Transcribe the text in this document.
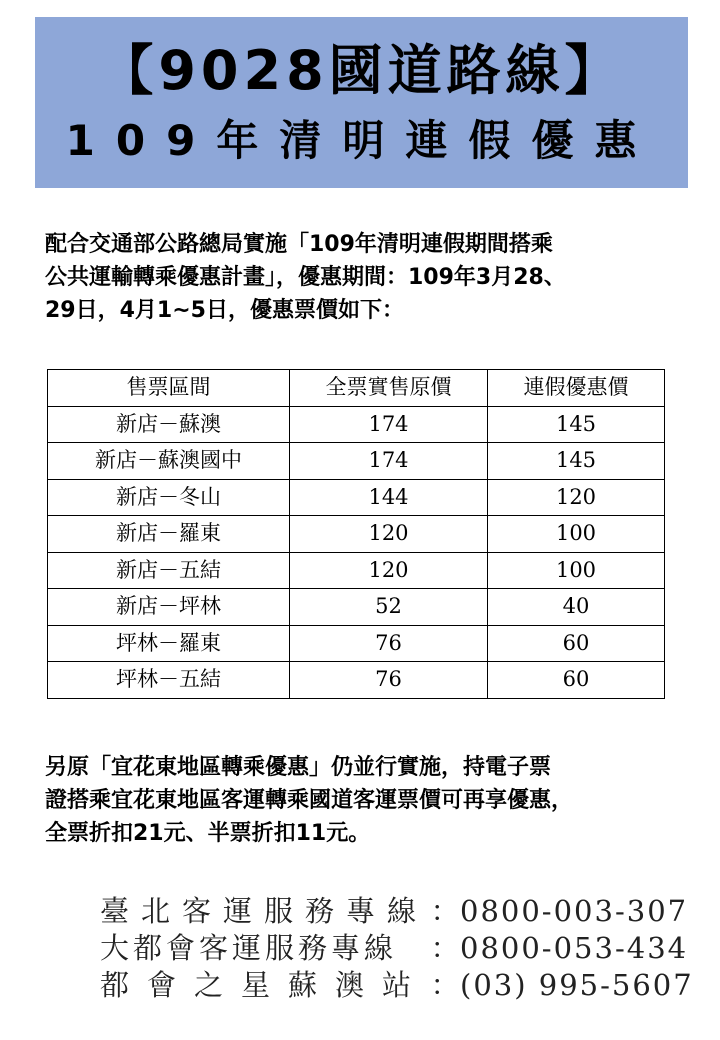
【9028國道路線】
109年清明連假優惠

配合交通部公路總局實施「109年清明連假期間搭乘

公共運輸轉乘優惠計畫」，優惠期間：109年3月28、

29日，4月1~5日，優惠票價如下：

售票區間	全票實售原價	連假優惠價
新店－蘇澳	174	145
新店－蘇澳國中	174	145
新店－冬山	144	120
新店－羅東	120	100
新店－五結	120	100
新店－坪林	52	40
坪林－羅東	76	60
坪林－五結	76	60

另原「宜花東地區轉乘優惠」仍並行實施，持電子票

證搭乘宜花東地區客運轉乘國道客運票價可再享優惠，

全票折扣21元、半票折扣11元。

臺北客運服務專線 ： 0800-003-307
大都會客運服務專線	： 0800-053-434
都會之星蘇澳站 ： (03) 995-5607
